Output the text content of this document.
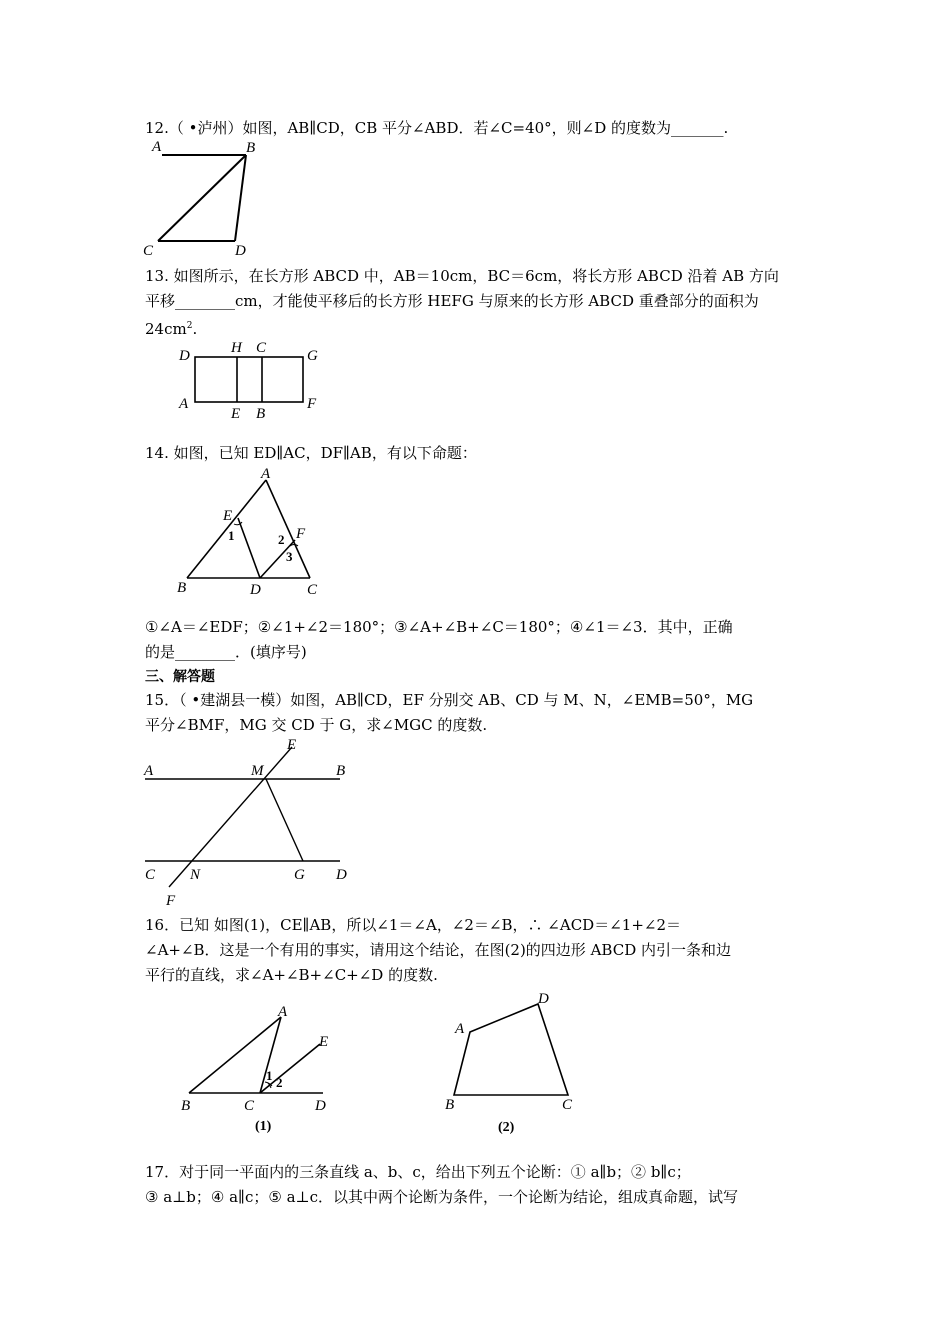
12.（ •泸州）如图，AB∥CD，CB 平分∠ABD．若∠C=40°，则∠D 的度数为_______.
A	B
C	D
13. 如图所示，在长方形 ABCD 中，AB＝10cm，BC＝6cm，将长方形 ABCD 沿着 AB 方向
平移________cm，才能使平移后的长方形 HEFG 与原来的长方形 ABCD 重叠部分的面积为
$24cm^2$.
D	H C	G
A
E B
F
14. 如图，已知 ED∥AC，DF∥AB，有以下命题：
A
E
F
B	D	C
1	2
3
①∠A＝∠EDF；②∠1+∠2＝180°；③∠A+∠B+∠C＝180°；④∠1＝∠3．其中，正确
的是________．(填序号)
三、解答题
15．（ •建湖县一模）如图，AB∥CD，EF 分别交 AB、CD 与 M、N，∠EMB=50°，MG
平分∠BMF，MG 交 CD 于 G，求∠MGC 的度数.
A	M
E
B
C N	G D
F
16．已知 如图(1)，CE∥AB，所以∠1＝∠A，∠2＝∠B，∴ ∠ACD＝∠1+∠2＝
∠A+∠B．这是一个有用的事实，请用这个结论，在图(2)的四边形 ABCD 内引一条和边
平行的直线，求∠A+∠B+∠C+∠D 的度数.
A
E
1 2
B	C	D
(1)
A
D
B	C
(2)
17．对于同一平面内的三条直线 a、b、c，给出下列五个论断：① a∥b；② b∥c；
③ a⊥b；④ a∥c；⑤ a⊥c．以其中两个论断为条件，一个论断为结论，组成真命题，试写
